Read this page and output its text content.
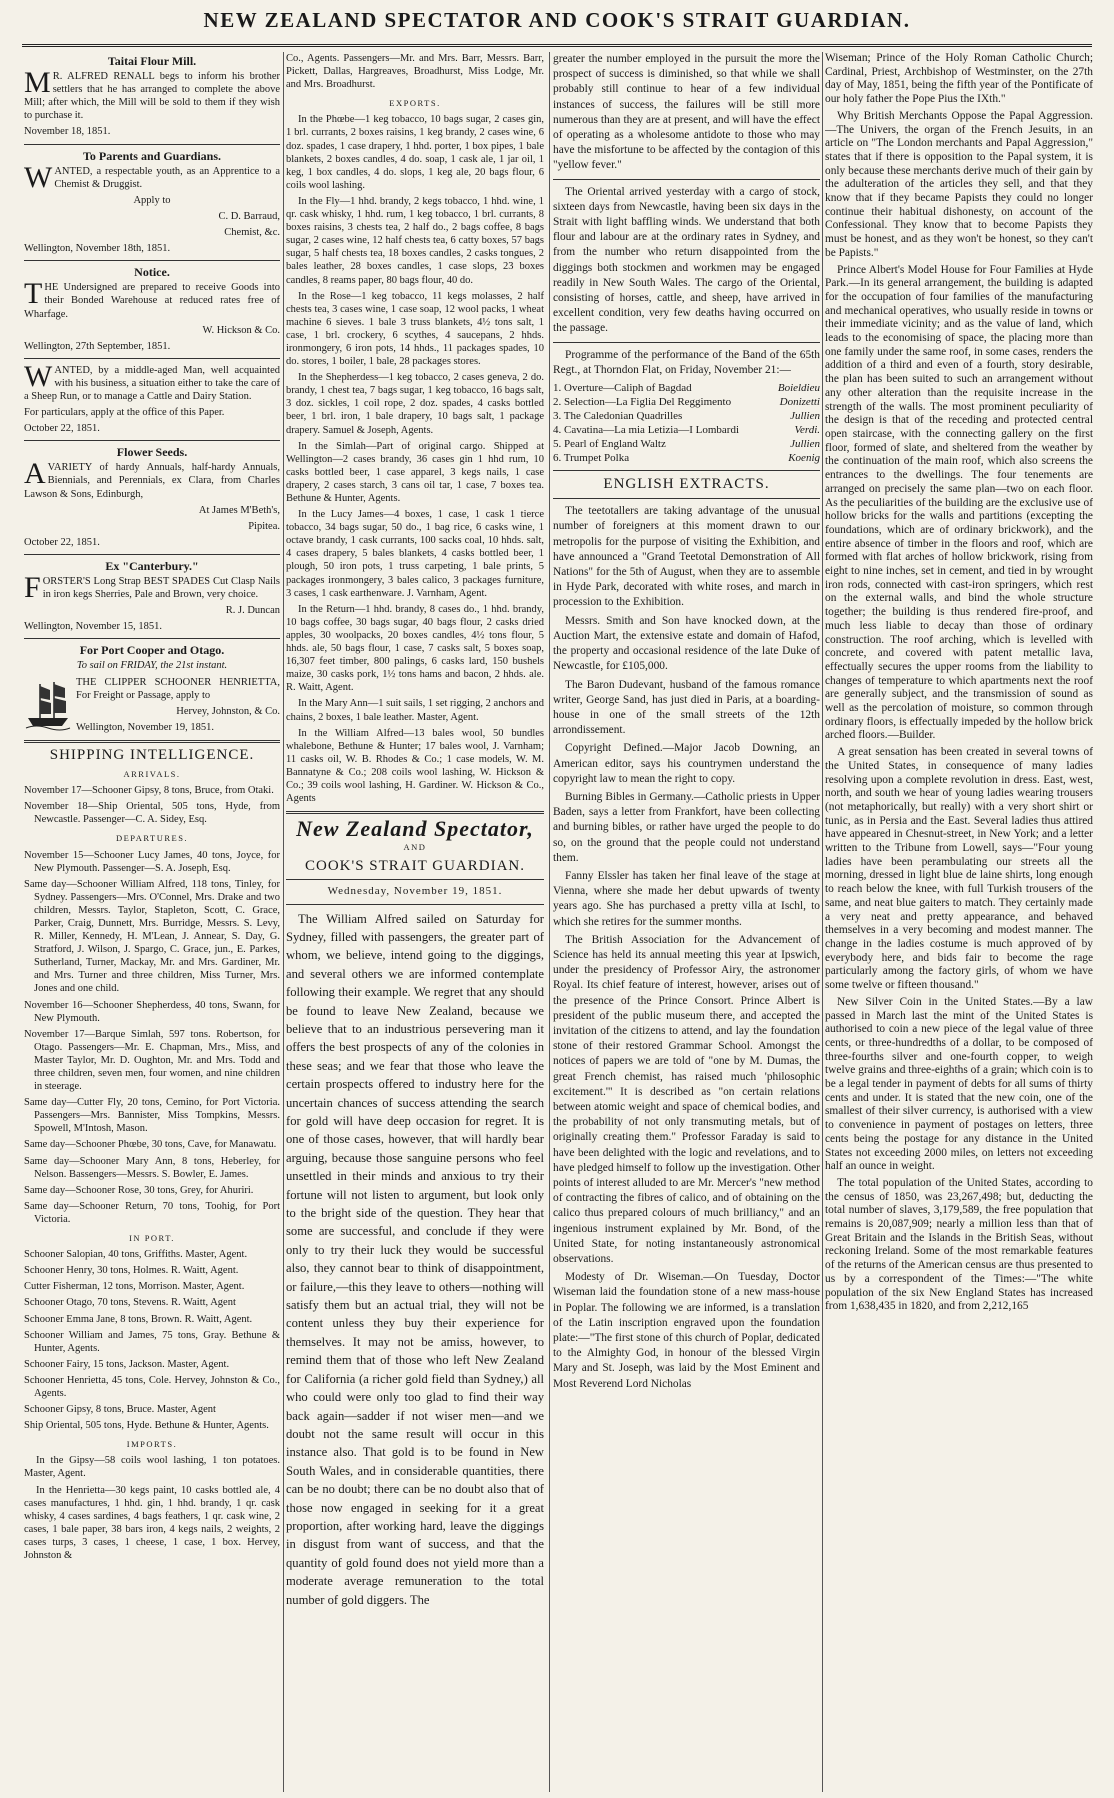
NEW ZEALAND SPECTATOR AND COOK'S STRAIT GUARDIAN.
Taitai Flour Mill.

M R. ALFRED RENALL begs to inform his brother settlers that he has arranged to complete the above Mill; after which, the Mill will be sold to them if they wish to purchase it.

November 18, 1851.

To Parents and Guardians.

WANTED, a respectable youth, as an Apprentice to a Chemist & Druggist.

Apply to

C. D. Barraud,

Chemist, &c.

Wellington, November 18th, 1851.

Notice.

THE Undersigned are prepared to receive Goods into their Bonded Warehouse at reduced rates free of Wharfage.

W. Hickson & Co.

Wellington, 27th September, 1851.

WANTED, by a middle-aged Man, well acquainted with his business, a situation either to take the care of a Sheep Run, or to manage a Cattle and Dairy Station.

For particulars, apply at the office of this Paper.

October 22, 1851.

Flower Seeds.

AVARIETY of hardy Annuals, half-hardy Annuals, Biennials, and Perennials, ex Clara, from Charles Lawson & Sons, Edinburgh,

At James M'Beth's,

Pipitea.

October 22, 1851.

Ex "Canterbury."

FORSTER'S Long Strap BEST SPADES Cut Clasp Nails in iron kegs Sherries, Pale and Brown, very choice.

R. J. Duncan

Wellington, November 15, 1851.

For Port Cooper and Otago.

To sail on FRIDAY, the 21st instant.

THE CLIPPER SCHOONER HENRIETTA, For Freight or Passage, apply to

Hervey, Johnston, & Co.

Wellington, November 19, 1851.

SHIPPING INTELLIGENCE.
ARRIVALS.

November 17—Schooner Gipsy, 8 tons, Bruce, from Otaki.

November 18—Ship Oriental, 505 tons, Hyde, from Newcastle. Passenger—C. A. Sidey, Esq.

DEPARTURES.

November 15—Schooner Lucy James, 40 tons, Joyce, for New Plymouth. Passenger—S. A. Joseph, Esq.

Same day—Schooner William Alfred, 118 tons, Tinley, for Sydney. Passengers—Mrs. O'Connel, Mrs. Drake and two children, Messrs. Taylor, Stapleton, Scott, C. Grace, Parker, Craig, Dunnett, Mrs. Burridge, Messrs. S. Levy, R. Miller, Kennedy, H. M'Lean, J. Annear, S. Day, G. Stratford, J. Wilson, J. Spargo, C. Grace, jun., E. Parkes, Sutherland, Turner, Mackay, Mr. and Mrs. Gardiner, Mr. and Mrs. Turner and three children, Miss Turner, Mrs. Jones and one child.

November 16—Schooner Shepherdess, 40 tons, Swann, for New Plymouth.

November 17—Barque Simlah, 597 tons. Robertson, for Otago. Passengers—Mr. E. Chapman, Mrs., Miss, and Master Taylor, Mr. D. Oughton, Mr. and Mrs. Todd and three children, seven men, four women, and nine children in steerage.

Same day—Cutter Fly, 20 tons, Cemino, for Port Victoria. Passengers—Mrs. Bannister, Miss Tompkins, Messrs. Spowell, M'Intosh, Mason.

Same day—Schooner Phœbe, 30 tons, Cave, for Manawatu.

Same day—Schooner Mary Ann, 8 tons, Heberley, for Nelson. Bassengers—Messrs. S. Bowler, E. James.

Same day—Schooner Rose, 30 tons, Grey, for Ahuriri.

Same day—Schooner Return, 70 tons, Toohig, for Port Victoria.

IN PORT.

Schooner Salopian, 40 tons, Griffiths. Master, Agent.

Schooner Henry, 30 tons, Holmes. R. Waitt, Agent.

Cutter Fisherman, 12 tons, Morrison. Master, Agent.

Schooner Otago, 70 tons, Stevens. R. Waitt, Agent

Schooner Emma Jane, 8 tons, Brown. R. Waitt, Agent.

Schooner William and James, 75 tons, Gray. Bethune & Hunter, Agents.

Schooner Fairy, 15 tons, Jackson. Master, Agent.

Schooner Henrietta, 45 tons, Cole. Hervey, Johnston & Co., Agents.

Schooner Gipsy, 8 tons, Bruce. Master, Agent

Ship Oriental, 505 tons, Hyde. Bethune & Hunter, Agents.

IMPORTS.

In the Gipsy—58 coils wool lashing, 1 ton potatoes. Master, Agent.

In the Henrietta—30 kegs paint, 10 casks bottled ale, 4 cases manufactures, 1 hhd. gin, 1 hhd. brandy, 1 qr. cask whisky, 4 cases sardines, 4 bags feathers, 1 qr. cask wine, 2 cases, 1 bale paper, 38 bars iron, 4 kegs nails, 2 weights, 2 cases turps, 3 cases, 1 cheese, 1 case, 1 box. Hervey, Johnston &

Co., Agents. Passengers—Mr. and Mrs. Barr, Messrs. Barr, Pickett, Dallas, Hargreaves, Broadhurst, Miss Lodge, Mr. and Mrs. Broadhurst.

EXPORTS.

In the Phœbe—1 keg tobacco, 10 bags sugar, 2 cases gin, 1 brl. currants, 2 boxes raisins, 1 keg brandy, 2 cases wine, 6 doz. spades, 1 case drapery, 1 hhd. porter, 1 box pipes, 1 bale blankets, 2 boxes candles, 4 do. soap, 1 cask ale, 1 jar oil, 1 keg, 1 box candles, 4 do. slops, 1 keg ale, 20 bags flour, 6 coils wool lashing.

In the Fly—1 hhd. brandy, 2 kegs tobacco, 1 hhd. wine, 1 qr. cask whisky, 1 hhd. rum, 1 keg tobacco, 1 brl. currants, 8 boxes raisins, 3 chests tea, 2 half do., 2 bags coffee, 8 bags sugar, 2 cases wine, 12 half chests tea, 6 catty boxes, 57 bags sugar, 5 half chests tea, 18 boxes candles, 2 casks tongues, 2 bales leather, 28 boxes candles, 1 case slops, 23 boxes candles, 8 reams paper, 80 bags flour, 40 do.

In the Rose—1 keg tobacco, 11 kegs molasses, 2 half chests tea, 3 cases wine, 1 case soap, 12 wool packs, 1 wheat machine 6 sieves. 1 bale 3 truss blankets, 4½ tons salt, 1 case, 1 brl. crockery, 6 scythes, 4 saucepans, 2 hhds. ironmongery, 6 iron pots, 14 hhds., 11 packages spades, 10 do. stores, 1 boiler, 1 bale, 28 packages stores.

In the Shepherdess—1 keg tobacco, 2 cases geneva, 2 do. brandy, 1 chest tea, 7 bags sugar, 1 keg tobacco, 16 bags salt, 3 doz. sickles, 1 coil rope, 2 doz. spades, 4 casks bottled beer, 1 brl. iron, 1 bale drapery, 10 bags salt, 1 package drapery. Samuel & Joseph, Agents.

In the Simlah—Part of original cargo. Shipped at Wellington—2 cases brandy, 36 cases gin 1 hhd rum, 10 casks bottled beer, 1 case apparel, 3 kegs nails, 1 case drapery, 2 cases starch, 3 cans oil tar, 1 case, 7 boxes tea. Bethune & Hunter, Agents.

In the Lucy James—4 boxes, 1 case, 1 cask 1 tierce tobacco, 34 bags sugar, 50 do., 1 bag rice, 6 casks wine, 1 octave brandy, 1 cask currants, 100 sacks coal, 10 hhds. salt, 4 cases drapery, 5 bales blankets, 4 casks bottled beer, 1 plough, 50 iron pots, 1 truss carpeting, 1 bale prints, 5 packages ironmongery, 3 bales calico, 3 packages furniture, 3 cases, 1 cask earthenware. J. Varnham, Agent.

In the Return—1 hhd. brandy, 8 cases do., 1 hhd. brandy, 10 bags coffee, 30 bags sugar, 40 bags flour, 2 casks dried apples, 30 woolpacks, 20 boxes candles, 4½ tons flour, 5 hhds. ale, 50 bags flour, 1 case, 7 casks salt, 5 boxes soap, 16,307 feet timber, 800 palings, 6 casks lard, 150 bushels maize, 30 casks pork, 1½ tons hams and bacon, 2 hhds. ale. R. Waitt, Agent.

In the Mary Ann—1 suit sails, 1 set rigging, 2 anchors and chains, 2 boxes, 1 bale leather. Master, Agent.

In the William Alfred—13 bales wool, 50 bundles whalebone, Bethune & Hunter; 17 bales wool, J. Varnham; 11 casks oil, W. B. Rhodes & Co.; 1 case models, W. M. Bannatyne & Co.; 208 coils wool lashing, W. Hickson & Co.; 39 coils wool lashing, H. Gardiner. W. Hickson & Co., Agents

New Zealand Spectator,
AND
COOK'S STRAIT GUARDIAN.
Wednesday, November 19, 1851.

The William Alfred sailed on Saturday for Sydney, filled with passengers, the greater part of whom, we believe, intend going to the diggings, and several others we are informed contemplate following their example. We regret that any should be found to leave New Zealand, because we believe that to an industrious persevering man it offers the best prospects of any of the colonies in these seas; and we fear that those who leave the certain prospects offered to industry here for the uncertain chances of success attending the search for gold will have deep occasion for regret. It is one of those cases, however, that will hardly bear arguing, because those sanguine persons who feel unsettled in their minds and anxious to try their fortune will not listen to argument, but look only to the bright side of the question. They hear that some are successful, and conclude if they were only to try their luck they would be successful also, they cannot bear to think of disappointment, or failure,—this they leave to others—nothing will satisfy them but an actual trial, they will not be content unless they buy their experience for themselves. It may not be amiss, however, to remind them that of those who left New Zealand for California (a richer gold field than Sydney,) all who could were only too glad to find their way back again—sadder if not wiser men—and we doubt not the same result will occur in this instance also. That gold is to be found in New South Wales, and in considerable quantities, there can be no doubt; there can be no doubt also that of those now engaged in seeking for it a great proportion, after working hard, leave the diggings in disgust from want of success, and that the quantity of gold found does not yield more than a moderate average remuneration to the total number of gold diggers. The

greater the number employed in the pursuit the more the prospect of success is diminished, so that while we shall probably still continue to hear of a few individual instances of success, the failures will be still more numerous than they are at present, and will have the effect of operating as a wholesome antidote to those who may have the misfortune to be affected by the contagion of this "yellow fever."

The Oriental arrived yesterday with a cargo of stock, sixteen days from Newcastle, having been six days in the Strait with light baffling winds. We understand that both flour and labour are at the ordinary rates in Sydney, and from the number who return disappointed from the diggings both stockmen and workmen may be engaged readily in New South Wales. The cargo of the Oriental, consisting of horses, cattle, and sheep, have arrived in excellent condition, very few deaths having occurred on the passage.

Programme of the performance of the Band of the 65th Regt., at Thorndon Flat, on Friday, November 21:—

1. Overture—Caliph of Bagdad	Boieldieu
2. Selection—La Figlia Del Reggimento	Donizetti
3. The Caledonian Quadrilles	Jullien
4. Cavatina—La mia Letizia—I Lombardi	Verdi.
5. Pearl of England Waltz	Jullien
6. Trumpet Polka	Koenig
ENGLISH EXTRACTS.

The teetotallers are taking advantage of the unusual number of foreigners at this moment drawn to our metropolis for the purpose of visiting the Exhibition, and have announced a "Grand Teetotal Demonstration of All Nations" for the 5th of August, when they are to assemble in Hyde Park, decorated with white roses, and march in procession to the Exhibition.

Messrs. Smith and Son have knocked down, at the Auction Mart, the extensive estate and domain of Hafod, the property and occasional residence of the late Duke of Newcastle, for £105,000.

The Baron Dudevant, husband of the famous romance writer, George Sand, has just died in Paris, at a boarding-house in one of the small streets of the 12th arrondissement.

Copyright Defined.—Major Jacob Downing, an American editor, says his countrymen understand the copyright law to mean the right to copy.

Burning Bibles in Germany.—Catholic priests in Upper Baden, says a letter from Frankfort, have been collecting and burning bibles, or rather have urged the people to do so, on the ground that the people could not understand them.

Fanny Elssler has taken her final leave of the stage at Vienna, where she made her debut upwards of twenty years ago. She has purchased a pretty villa at Ischl, to which she retires for the summer months.

The British Association for the Advancement of Science has held its annual meeting this year at Ipswich, under the presidency of Professor Airy, the astronomer Royal. Its chief feature of interest, however, arises out of the presence of the Prince Consort. Prince Albert is president of the public museum there, and accepted the invitation of the citizens to attend, and lay the foundation stone of their restored Grammar School. Amongst the notices of papers we are told of "one by M. Dumas, the great French chemist, has raised much 'philosophic excitement.'" It is described as "on certain relations between atomic weight and space of chemical bodies, and the probability of not only transmuting metals, but of originally creating them." Professor Faraday is said to have been delighted with the logic and revelations, and to have pledged himself to follow up the investigation. Other points of interest alluded to are Mr. Mercer's "new method of contracting the fibres of calico, and of obtaining on the calico thus prepared colours of much brilliancy," and an ingenious instrument explained by Mr. Bond, of the United State, for noting instantaneously astronomical observations.

Modesty of Dr. Wiseman.—On Tuesday, Doctor Wiseman laid the foundation stone of a new mass-house in Poplar. The following we are informed, is a translation of the Latin inscription engraved upon the foundation plate:—"The first stone of this church of Poplar, dedicated to the Almighty God, in honour of the blessed Virgin Mary and St. Joseph, was laid by the Most Eminent and Most Reverend Lord Nicholas

Wiseman; Prince of the Holy Roman Catholic Church; Cardinal, Priest, Archbishop of Westminster, on the 27th day of May, 1851, being the fifth year of the Pontificate of our holy father the Pope Pius the IXth."

Why British Merchants Oppose the Papal Aggression.—The Univers, the organ of the French Jesuits, in an article on "The London merchants and Papal Aggression," states that if there is opposition to the Papal system, it is only because these merchants derive much of their gain by the adulteration of the articles they sell, and that they know that if they became Papists they could no longer continue their habitual dishonesty, on account of the Confessional. They know that to become Papists they must be honest, and as they won't be honest, so they can't be Papists."

Prince Albert's Model House for Four Families at Hyde Park.—In its general arrangement, the building is adapted for the occupation of four families of the manufacturing and mechanical operatives, who usually reside in towns or their immediate vicinity; and as the value of land, which leads to the economising of space, the placing more than one family under the same roof, in some cases, renders the addition of a third and even of a fourth, story desirable, the plan has been suited to such an arrangement without any other alteration than the requisite increase in the strength of the walls. The most prominent peculiarity of the design is that of the receding and protected central open staircase, with the connecting gallery on the first floor, formed of slate, and sheltered from the weather by the continuation of the main roof, which also screens the entrances to the dwellings. The four tenements are arranged on precisely the same plan—two on each floor. As the peculiarities of the building are the exclusive use of hollow bricks for the walls and partitions (excepting the foundations, which are of ordinary brickwork), and the entire absence of timber in the floors and roof, which are formed with flat arches of hollow brickwork, rising from eight to nine inches, set in cement, and tied in by wrought iron rods, connected with cast-iron springers, which rest on the external walls, and bind the whole structure together; the building is thus rendered fire-proof, and much less liable to decay than those of ordinary construction. The roof arching, which is levelled with concrete, and covered with patent metallic lava, effectually secures the upper rooms from the liability to changes of temperature to which apartments next the roof are generally subject, and the transmission of sound as well as the percolation of moisture, so common through ordinary floors, is effectually impeded by the hollow brick arched floors.—Builder.

A great sensation has been created in several towns of the United States, in consequence of many ladies resolving upon a complete revolution in dress. East, west, north, and south we hear of young ladies wearing trousers (not metaphorically, but really) with a very short shirt or tunic, as in Persia and the East. Several ladies thus attired have appeared in Chesnut-street, in New York; and a letter written to the Tribune from Lowell, says—"Four young ladies have been perambulating our streets all the morning, dressed in light blue de laine shirts, long enough to reach below the knee, with full Turkish trousers of the same, and neat blue gaiters to match. They certainly made a very neat and pretty appearance, and behaved themselves in a very becoming and modest manner. The change in the ladies costume is much approved of by everybody here, and bids fair to become the rage particularly among the factory girls, of whom we have some twelve or fifteen thousand."

New Silver Coin in the United States.—By a law passed in March last the mint of the United States is authorised to coin a new piece of the legal value of three cents, or three-hundredths of a dollar, to be composed of three-fourths silver and one-fourth copper, to weigh twelve grains and three-eighths of a grain; which coin is to be a legal tender in payment of debts for all sums of thirty cents and under. It is stated that the new coin, one of the smallest of their silver currency, is authorised with a view to convenience in payment of postages on letters, three cents being the postage for any distance in the United States not exceeding 2000 miles, on letters not exceeding half an ounce in weight.

The total population of the United States, according to the census of 1850, was 23,267,498; but, deducting the total number of slaves, 3,179,589, the free population that remains is 20,087,909; nearly a million less than that of Great Britain and the Islands in the British Seas, without reckoning Ireland. Some of the most remarkable features of the returns of the American census are thus presented to us by a correspondent of the Times:—"The white population of the six New England States has increased from 1,638,435 in 1820, and from 2,212,165
